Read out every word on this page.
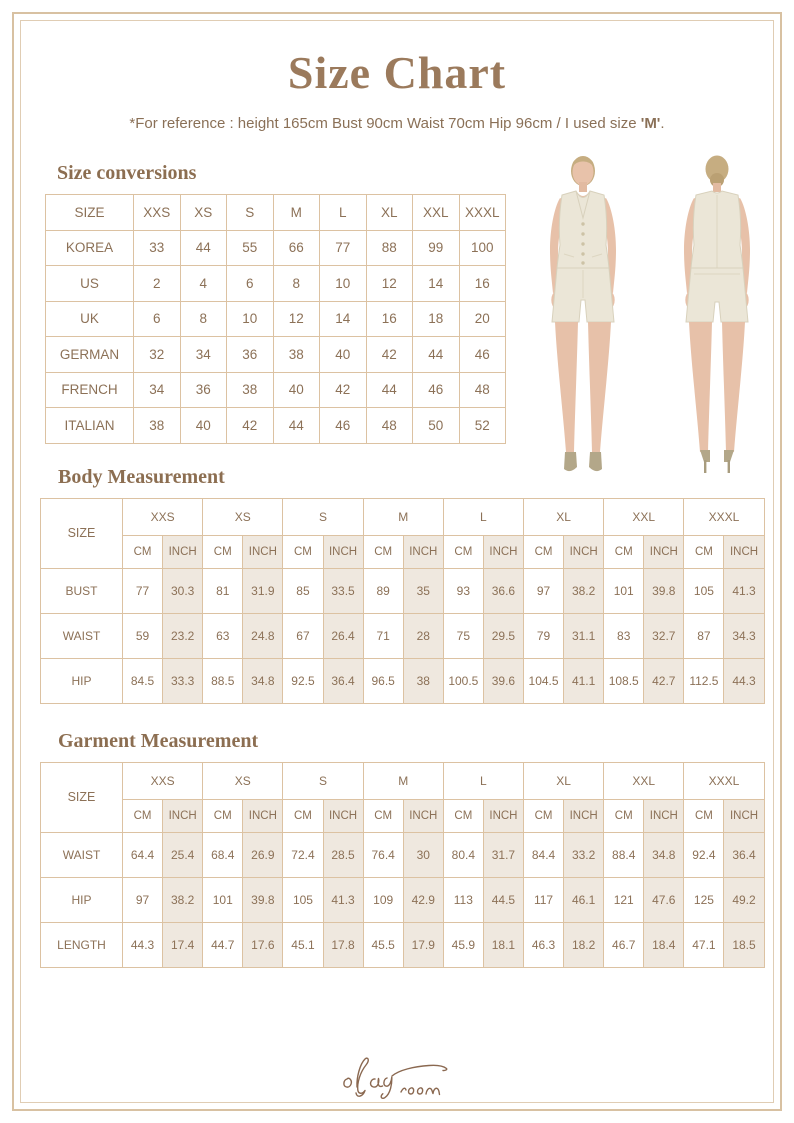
Size Chart

*For reference : height 165cm Bust 90cm Waist 70cm Hip 96cm / I used size 'M'.

Size conversions
SIZE	XXS	XS	S	M	L	XL	XXL	XXXL
KOREA	33	44	55	66	77	88	99	100
US	2	4	6	8	10	12	14	16
UK	6	8	10	12	14	16	18	20
GERMAN	32	34	36	38	40	42	44	46
FRENCH	34	36	38	40	42	44	46	48
ITALIAN	38	40	42	44	46	48	50	52
Body Measurement
SIZE	XXS		XS		S		M		L		XL		XXL		XXXL	
	CM	INCH	CM	INCH	CM	INCH	CM	INCH	CM	INCH	CM	INCH	CM	INCH	CM	INCH
BUST	77	30.3	81	31.9	85	33.5	89	35	93	36.6	97	38.2	101	39.8	105	41.3
WAIST	59	23.2	63	24.8	67	26.4	71	28	75	29.5	79	31.1	83	32.7	87	34.3
HIP	84.5	33.3	88.5	34.8	92.5	36.4	96.5	38	100.5	39.6	104.5	41.1	108.5	42.7	112.5	44.3
Garment Measurement
SIZE	XXS		XS		S		M		L		XL		XXL		XXXL	
	CM	INCH	CM	INCH	CM	INCH	CM	INCH	CM	INCH	CM	INCH	CM	INCH	CM	INCH
WAIST	64.4	25.4	68.4	26.9	72.4	28.5	76.4	30	80.4	31.7	84.4	33.2	88.4	34.8	92.4	36.4
HIP	97	38.2	101	39.8	105	41.3	109	42.9	113	44.5	117	46.1	121	47.6	125	49.2
LENGTH	44.3	17.4	44.7	17.6	45.1	17.8	45.5	17.9	45.9	18.1	46.3	18.2	46.7	18.4	47.1	18.5
